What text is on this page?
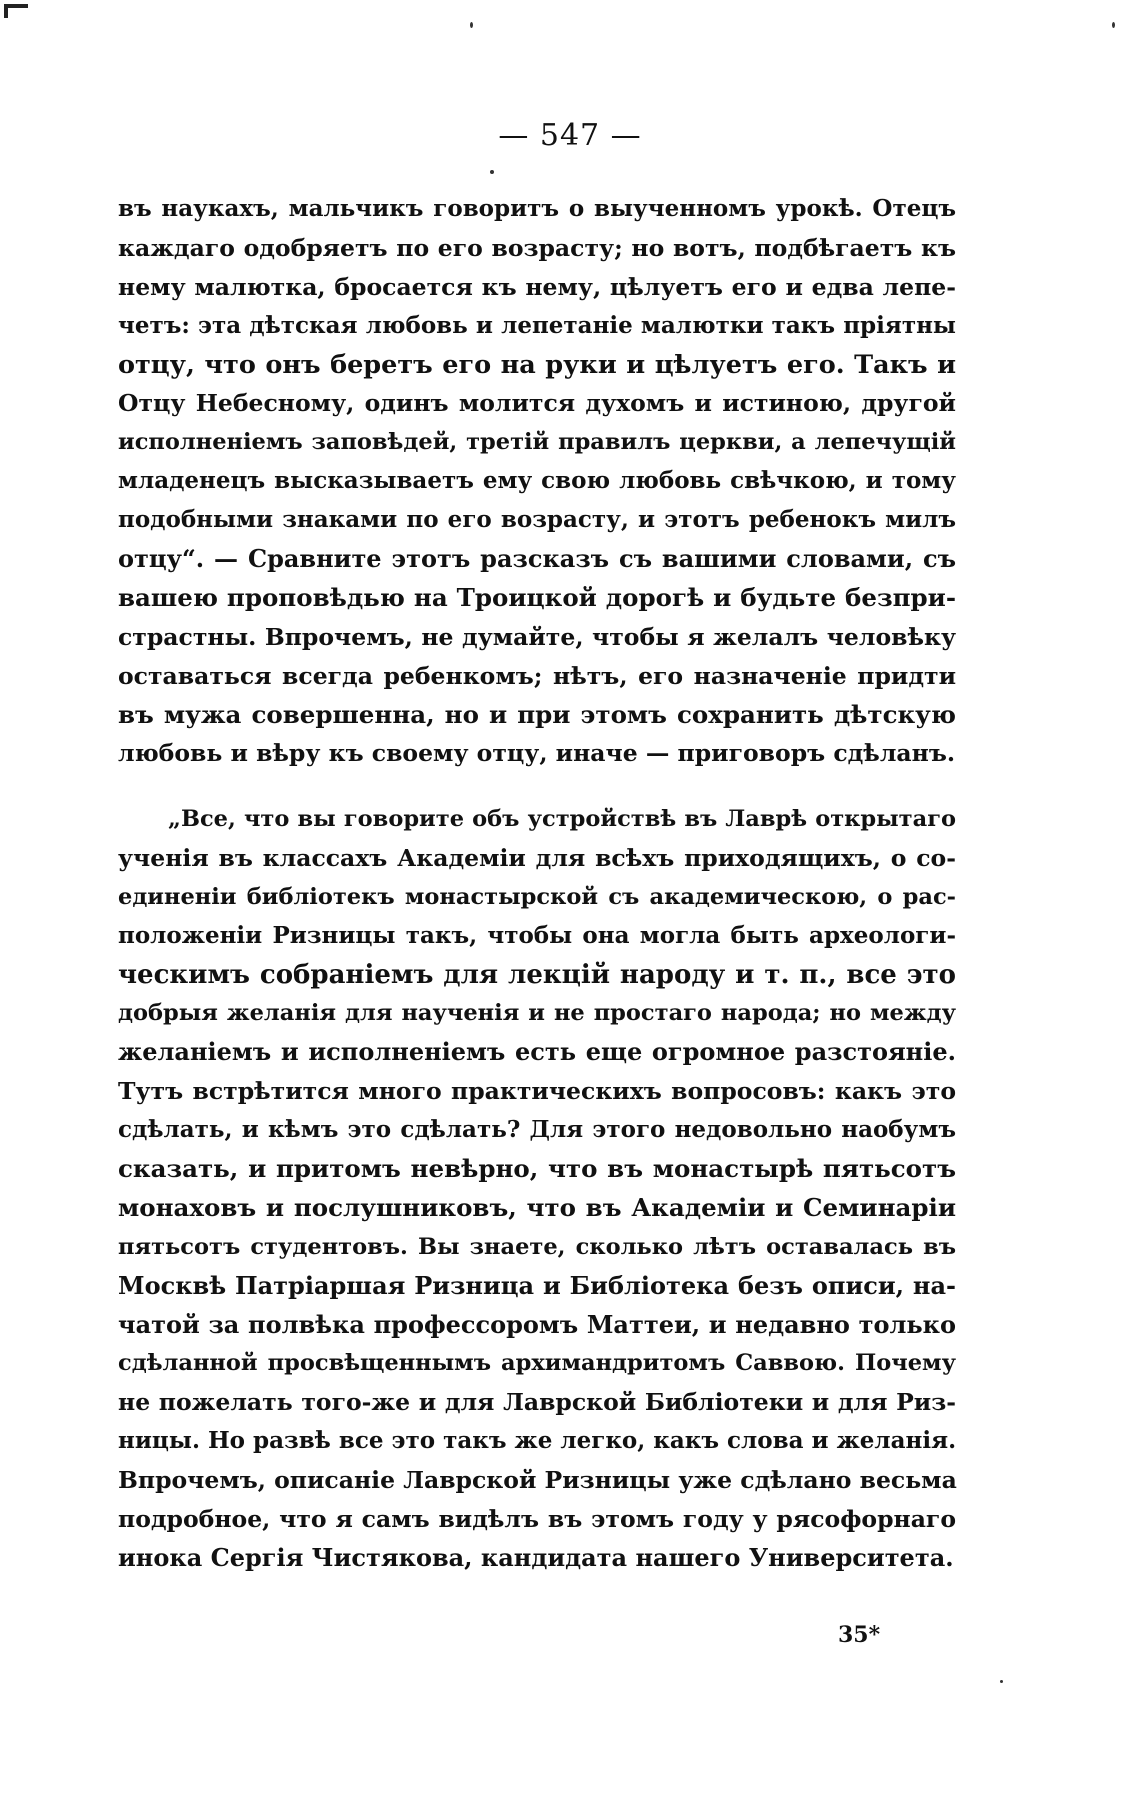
— 547 —
въ наукахъ, мальчикъ говоритъ о выученномъ урокѣ. Отецъ
каждаго одобряетъ по его возрасту; но вотъ, подбѣгаетъ къ
нему малютка, бросается къ нему, цѣлуетъ его и едва лепе-
четъ: эта дѣтская любовь и лепетаніе малютки такъ пріятны
отцу, что онъ беретъ его на руки и цѣлуетъ его. Такъ и
Отцу Небесному, одинъ молится духомъ и истиною, другой
исполненіемъ заповѣдей, третій правилъ церкви, а лепечущій
младенецъ высказываетъ ему свою любовь свѣчкою, и тому
подобными знаками по его возрасту, и этотъ ребенокъ милъ
отцу“. — Сравните этотъ разсказъ съ вашими словами, съ
вашею проповѣдью на Троицкой дорогѣ и будьте безпри-
страстны. Впрочемъ, не думайте, чтобы я желалъ человѣку
оставаться всегда ребенкомъ; нѣтъ, его назначеніе придти
въ мужа совершенна, но и при этомъ сохранить дѣтскую
любовь и вѣру къ своему отцу, иначе — приговоръ сдѣланъ.
„Все, что вы говорите объ устройствѣ въ Лаврѣ открытаго
ученія въ классахъ Академіи для всѣхъ приходящихъ, о со-
единеніи библіотекъ монастырской съ академическою, о рас-
положеніи Ризницы такъ, чтобы она могла быть археологи-
ческимъ собраніемъ для лекцій народу и т. п., все это
добрыя желанія для наученія и не простаго народа; но между
желаніемъ и исполненіемъ есть еще огромное разстояніе.
Тутъ встрѣтится много практическихъ вопросовъ: какъ это
сдѣлать, и кѣмъ это сдѣлать? Для этого недовольно наобумъ
сказать, и притомъ невѣрно, что въ монастырѣ пятьсотъ
монаховъ и послушниковъ, что въ Академіи и Семинаріи
пятьсотъ студентовъ. Вы знаете, сколько лѣтъ оставалась въ
Москвѣ Патріаршая Ризница и Библіотека безъ описи, на-
чатой за полвѣка профессоромъ Маттеи, и недавно только
сдѣланной просвѣщеннымъ архимандритомъ Саввою. Почему
не пожелать того-же и для Лаврской Библіотеки и для Риз-
ницы. Но развѣ все это такъ же легко, какъ слова и желанія.
Впрочемъ, описаніе Лаврской Ризницы уже сдѣлано весьма
подробное, что я самъ видѣлъ въ этомъ году у рясофорнаго
инока Сергія Чистякова, кандидата нашего Университета.
35*
